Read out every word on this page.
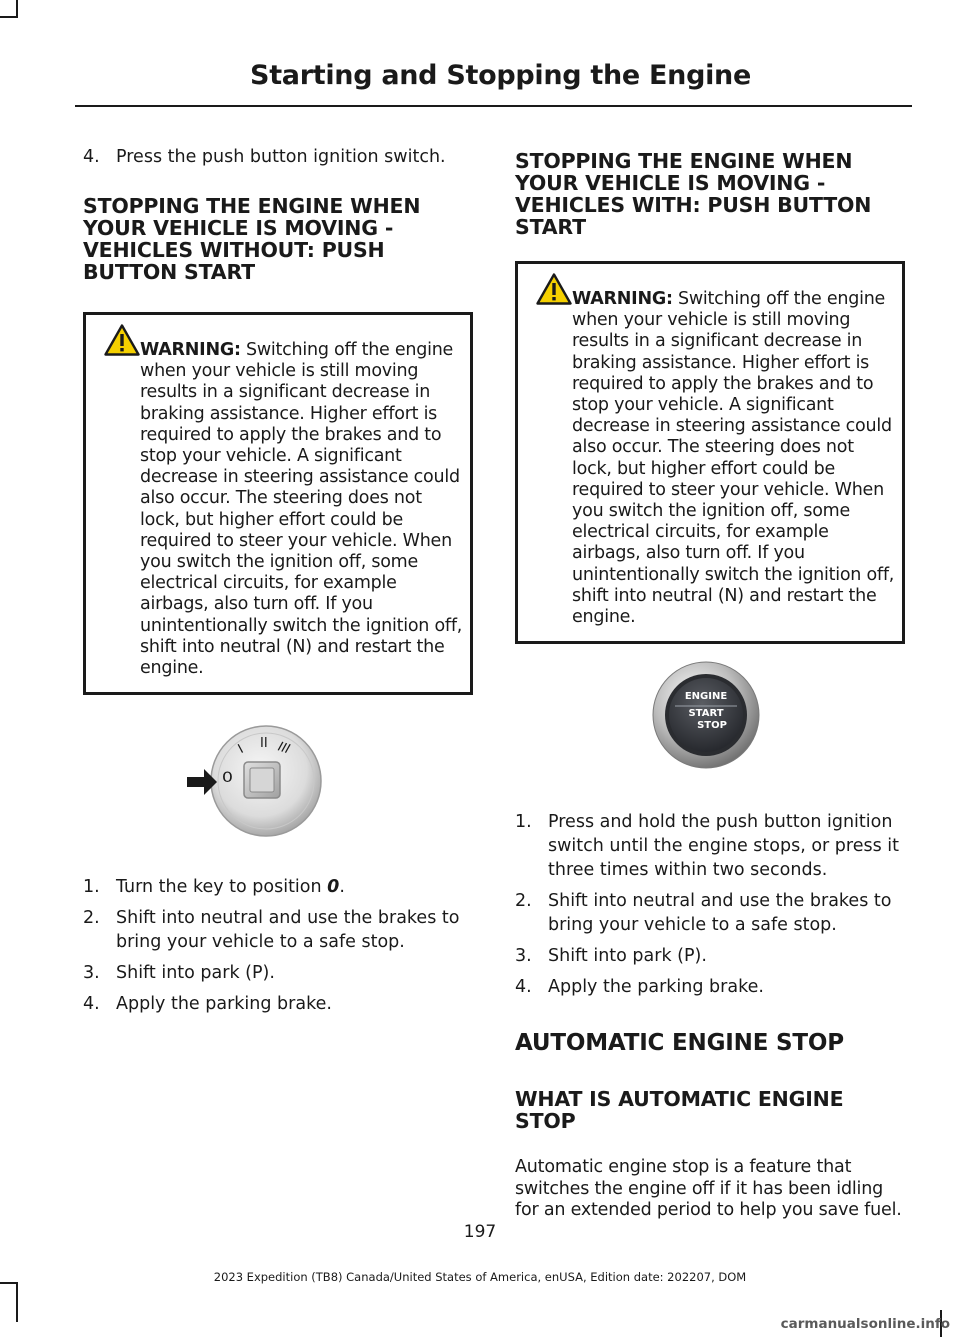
Starting and Stopping the Engine
4. Press the push button ignition switch.
STOPPING THE ENGINE WHEN YOUR VEHICLE IS MOVING - VEHICLES WITHOUT: PUSH BUTTON START
WARNING: Switching off the engine when your vehicle is still moving results in a significant decrease in braking assistance. Higher effort is required to apply the brakes and to stop your vehicle. A significant decrease in steering assistance could also occur. The steering does not lock, but higher effort could be required to steer your vehicle. When you switch the ignition off, some electrical circuits, for example airbags, also turn off. If you unintentionally switch the ignition off, shift into neutral (N) and restart the engine.
0
I II III
1. Turn the key to position 0.
2. Shift into neutral and use the brakes to bring your vehicle to a safe stop.
3. Shift into park (P).
4. Apply the parking brake.
STOPPING THE ENGINE WHEN YOUR VEHICLE IS MOVING - VEHICLES WITH: PUSH BUTTON START
WARNING: Switching off the engine when your vehicle is still moving results in a significant decrease in braking assistance. Higher effort is required to apply the brakes and to stop your vehicle. A significant decrease in steering assistance could also occur. The steering does not lock, but higher effort could be required to steer your vehicle. When you switch the ignition off, some electrical circuits, for example airbags, also turn off. If you unintentionally switch the ignition off, shift into neutral (N) and restart the engine.
ENGINE
START
STOP
1. Press and hold the push button ignition switch until the engine stops, or press it three times within two seconds.
2. Shift into neutral and use the brakes to bring your vehicle to a safe stop.
3. Shift into park (P).
4. Apply the parking brake.
AUTOMATIC ENGINE STOP
WHAT IS AUTOMATIC ENGINE STOP

Automatic engine stop is a feature that switches the engine off if it has been idling for an extended period to help you save fuel.

197
2023 Expedition (TB8) Canada/United States of America, enUSA, Edition date: 202207, DOM
carmanualsonline.info
